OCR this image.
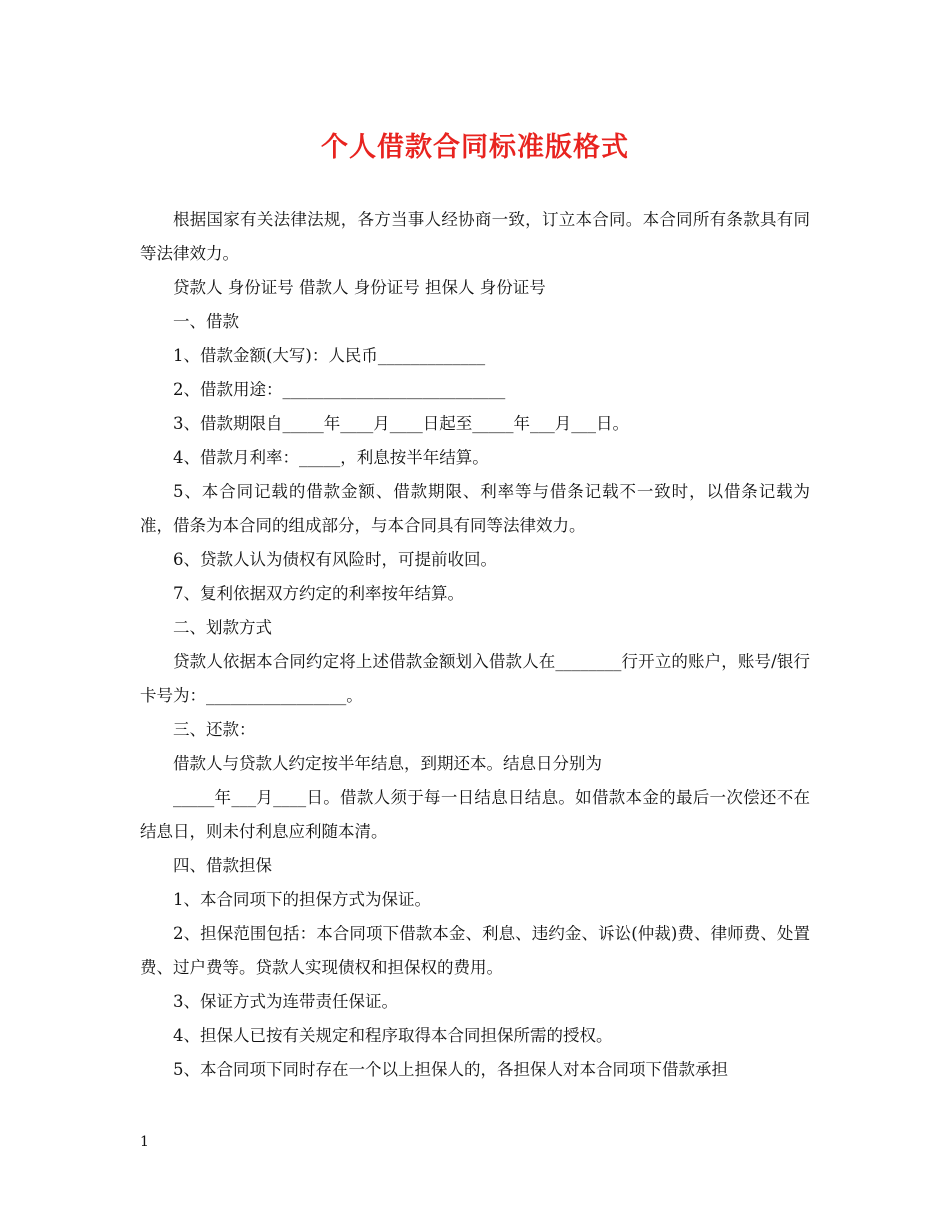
个人借款合同标准版格式

根据国家有关法律法规，各方当事人经协商一致，订立本合同。本合同所有条款具有同等法律效力。

贷款人 身份证号 借款人 身份证号 担保人 身份证号

一、借款

1、借款金额(大写)：人民币_____________

2、借款用途：___________________________

3、借款期限自_____年____月____日起至_____年___月___日。

4、借款月利率：_____，利息按半年结算。

5、本合同记载的借款金额、借款期限、利率等与借条记载不一致时，以借条记载为准，借条为本合同的组成部分，与本合同具有同等法律效力。

6、贷款人认为债权有风险时，可提前收回。

7、复利依据双方约定的利率按年结算。

二、划款方式

贷款人依据本合同约定将上述借款金额划入借款人在________行开立的账户，账号/银行卡号为：_________________。

三、还款：

借款人与贷款人约定按半年结息，到期还本。结息日分别为

_____年___月____日。借款人须于每一日结息日结息。如借款本金的最后一次偿还不在结息日，则未付利息应利随本清。

四、借款担保

1、本合同项下的担保方式为保证。

2、担保范围包括：本合同项下借款本金、利息、违约金、诉讼(仲裁)费、律师费、处置费、过户费等。贷款人实现债权和担保权的费用。

3、保证方式为连带责任保证。

4、担保人已按有关规定和程序取得本合同担保所需的授权。

5、本合同项下同时存在一个以上担保人的，各担保人对本合同项下借款承担

1
